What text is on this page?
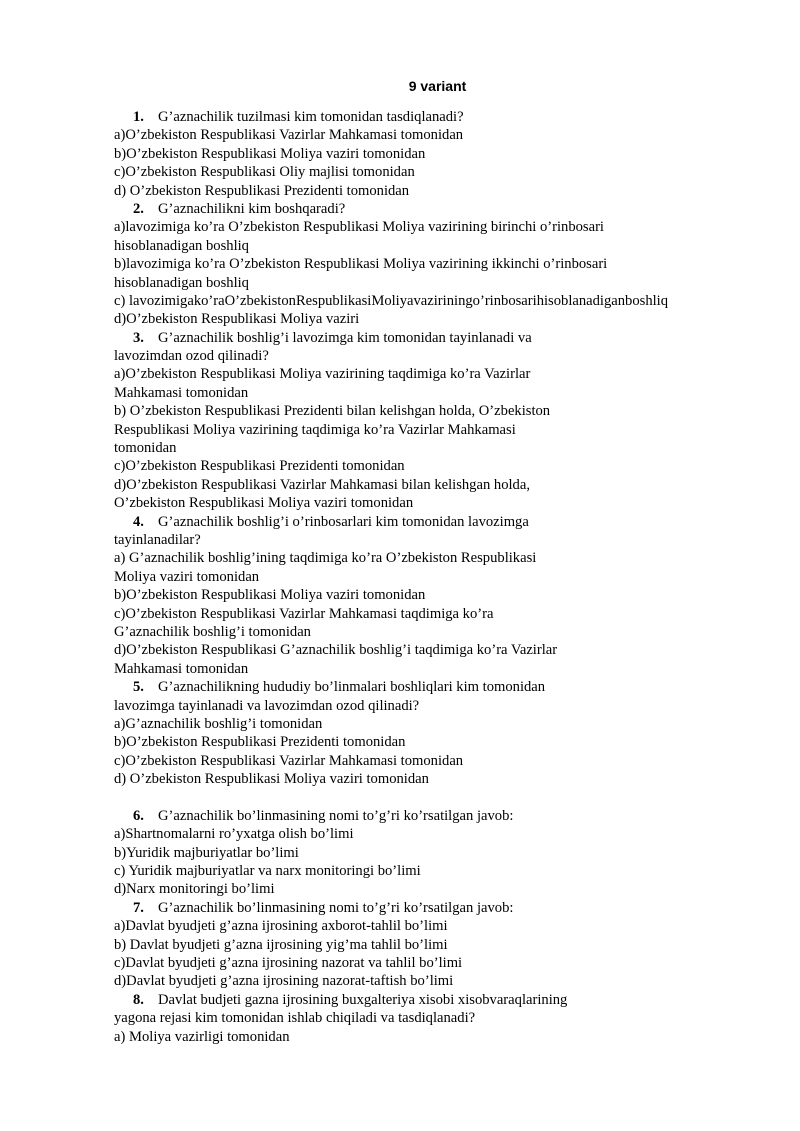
9 variant
1. G’aznachilik tuzilmasi kim tomonidan tasdiqlanadi?
a)O’zbekiston Respublikasi Vazirlar Mahkamasi tomonidan
b)O’zbekiston Respublikasi Moliya vaziri tomonidan
c)O’zbekiston Respublikasi Oliy majlisi tomonidan
d) O’zbekiston Respublikasi Prezidenti tomonidan
2. G’aznachilikni kim boshqaradi?
a)lavozimiga ko’ra O’zbekiston Respublikasi Moliya vazirining birinchi o’rinbosari
hisoblanadigan boshliq
b)lavozimiga ko’ra O’zbekiston Respublikasi Moliya vazirining ikkinchi o’rinbosari
hisoblanadigan boshliq
c) lavozimigako’raO’zbekistonRespublikasiMoliyavaziriningo’rinbosarihisoblanadiganboshliq
d)O’zbekiston Respublikasi Moliya vaziri
3. G’aznachilik boshlig’i lavozimga kim tomonidan tayinlanadi va
lavozimdan ozod qilinadi?
a)O’zbekiston Respublikasi Moliya vazirining taqdimiga ko’ra Vazirlar
Mahkamasi tomonidan
b) O’zbekiston Respublikasi Prezidenti bilan kelishgan holda, O’zbekiston
Respublikasi Moliya vazirining taqdimiga ko’ra Vazirlar Mahkamasi
tomonidan
c)O’zbekiston Respublikasi Prezidenti tomonidan
d)O’zbekiston Respublikasi Vazirlar Mahkamasi bilan kelishgan holda,
O’zbekiston Respublikasi Moliya vaziri tomonidan
4. G’aznachilik boshlig’i o’rinbosarlari kim tomonidan lavozimga
tayinlanadilar?
a) G’aznachilik boshlig’ining taqdimiga ko’ra O’zbekiston Respublikasi
Moliya vaziri tomonidan
b)O’zbekiston Respublikasi Moliya vaziri tomonidan
c)O’zbekiston Respublikasi Vazirlar Mahkamasi taqdimiga ko’ra
G’aznachilik boshlig’i tomonidan
d)O’zbekiston Respublikasi G’aznachilik boshlig’i taqdimiga ko’ra Vazirlar
Mahkamasi tomonidan
5. G’aznachilikning hududiy bo’linmalari boshliqlari kim tomonidan
lavozimga tayinlanadi va lavozimdan ozod qilinadi?
a)G’aznachilik boshlig’i tomonidan
b)O’zbekiston Respublikasi Prezidenti tomonidan
c)O’zbekiston Respublikasi Vazirlar Mahkamasi tomonidan
d) O’zbekiston Respublikasi Moliya vaziri tomonidan
6. G’aznachilik bo’linmasining nomi to’g’ri ko’rsatilgan javob:
a)Shartnomalarni ro’yxatga olish bo’limi
b)Yuridik majburiyatlar bo’limi
c) Yuridik majburiyatlar va narx monitoringi bo’limi
d)Narx monitoringi bo’limi
7. G’aznachilik bo’linmasining nomi to’g’ri ko’rsatilgan javob:
a)Davlat byudjeti g’azna ijrosining axborot-tahlil bo’limi
b) Davlat byudjeti g’azna ijrosining yig’ma tahlil bo’limi
c)Davlat byudjeti g’azna ijrosining nazorat va tahlil bo’limi
d)Davlat byudjeti g’azna ijrosining nazorat-taftish bo’limi
8. Davlat budjeti gazna ijrosining buxgalteriya xisobi xisobvaraqlarining
yagona rejasi kim tomonidan ishlab chiqiladi va tasdiqlanadi?
a) Moliya vazirligi tomonidan
